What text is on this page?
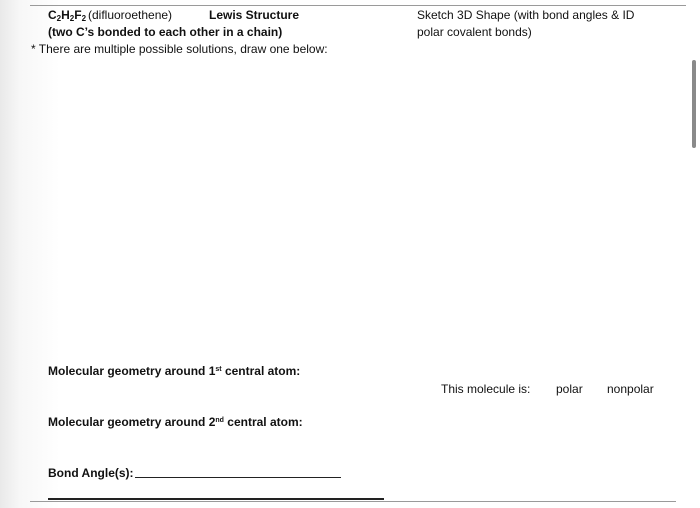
$C_2H_2F_2$ (difluoroethene)	Lewis Structure
(two C’s bonded to each other in a chain)
* There are multiple possible solutions, draw one below:
Sketch 3D Shape (with bond angles & ID
polar covalent bonds)
Molecular geometry around 1st central atom:
Molecular geometry around 2nd central atom:
Bond Angle(s):
This molecule is: polar nonpolar
